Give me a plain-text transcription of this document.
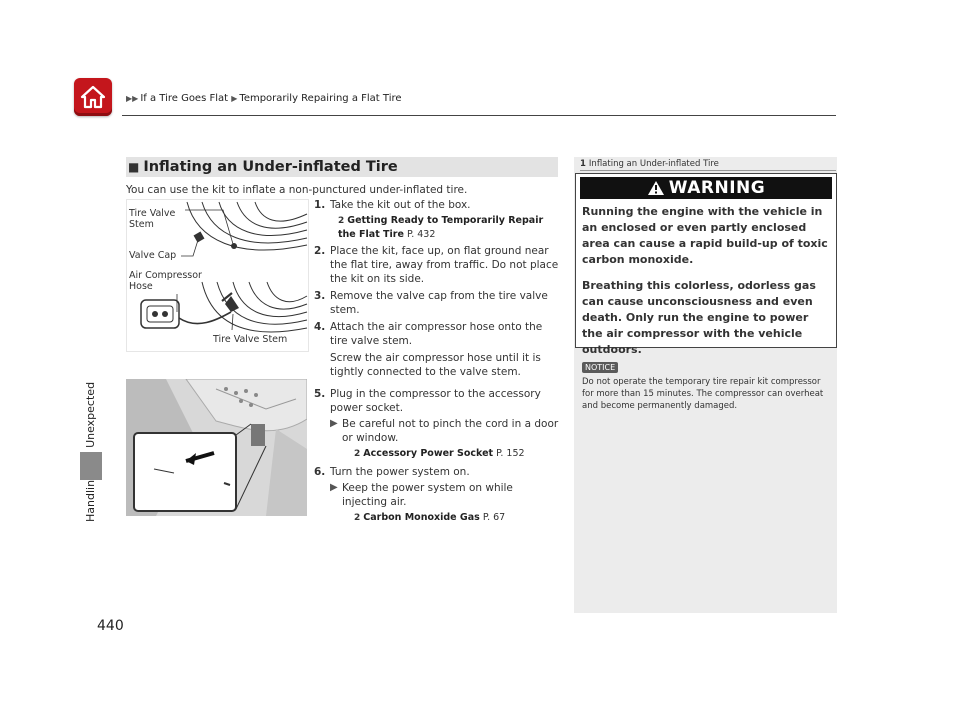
▶▶ If a Tire Goes Flat ▶ Temporarily Repairing a Flat Tire
440
■ Inflating an Under-inflated Tire
You can use the kit to inflate a non-punctured under-inflated tire.
Tire Valve
Stem
Valve Cap
Air Compressor
Hose
Tire Valve Stem
1. Take the kit out of the box.
2 Getting Ready to Temporarily Repair the Flat Tire P. 432
2. Place the kit, face up, on flat ground near the flat tire, away from traffic. Do not place the kit on its side.
3. Remove the valve cap from the tire valve stem.
4. Attach the air compressor hose onto the tire valve stem.
Screw the air compressor hose until it is tightly connected to the valve stem.
5. Plug in the compressor to the accessory power socket.
▶ Be careful not to pinch the cord in a door or window.
2 Accessory Power Socket P. 152
6. Turn the power system on.
▶ Keep the power system on while injecting air.
2 Carbon Monoxide Gas P. 67
1 Inflating an Under-inflated Tire
WARNING

Running the engine with the vehicle in an enclosed or even partly enclosed area can cause a rapid build-up of toxic carbon monoxide.

Breathing this colorless, odorless gas can cause unconsciousness and even death. Only run the engine to power the air compressor with the vehicle outdoors.

NOTICE
Do not operate the temporary tire repair kit compressor for more than 15 minutes. The compressor can overheat and become permanently damaged.
